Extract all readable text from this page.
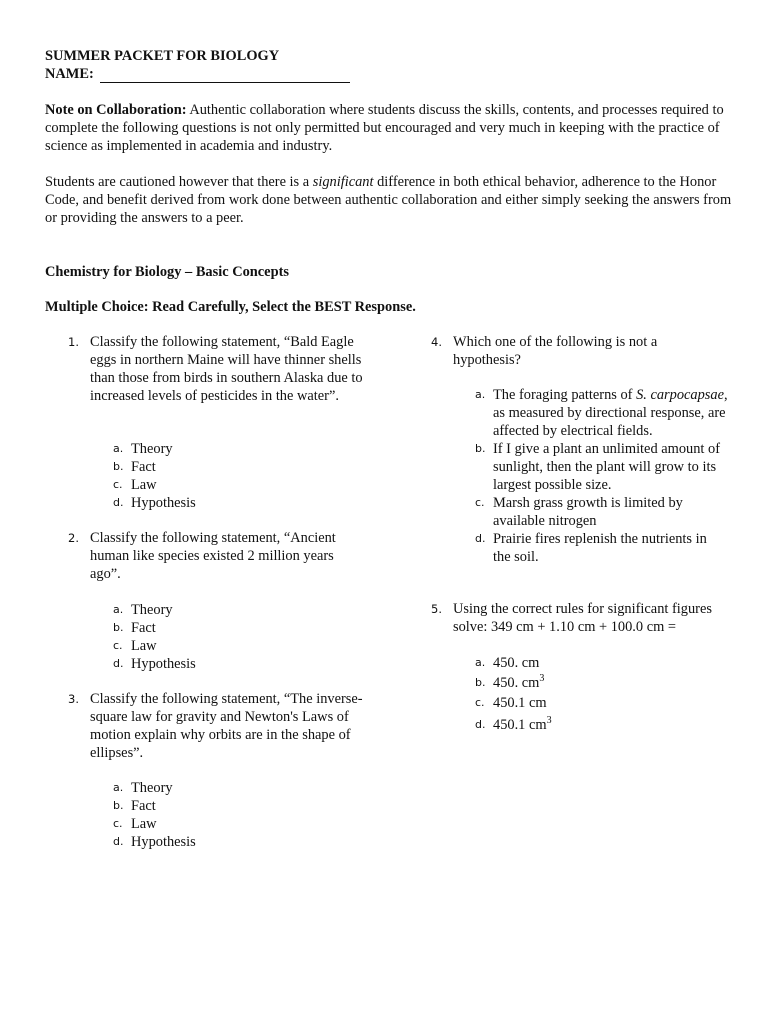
SUMMER PACKET FOR BIOLOGY
NAME:
Note on Collaboration: Authentic collaboration where students discuss the skills, contents, and processes required to complete the following questions is not only permitted but encouraged and very much in keeping with the practice of science as implemented in academia and industry.
Students are cautioned however that there is a significant difference in both ethical behavior, adherence to the Honor Code, and benefit derived from work done between authentic collaboration and either simply seeking the answers from or providing the answers to a peer.
Chemistry for Biology – Basic Concepts
Multiple Choice: Read Carefully, Select the BEST Response.
1. Classify the following statement, “Bald Eagle eggs in northern Maine will have thinner shells than those from birds in southern Alaska due to increased levels of pesticides in the water”.
a. Theory
b. Fact
c. Law
d. Hypothesis
2. Classify the following statement, “Ancient human like species existed 2 million years ago”.
a. Theory
b. Fact
c. Law
d. Hypothesis
3. Classify the following statement, “The inverse-square law for gravity and Newton's Laws of motion explain why orbits are in the shape of ellipses”.
a. Theory
b. Fact
c. Law
d. Hypothesis
4. Which one of the following is not a hypothesis?
a. The foraging patterns of S. carpocapsae, as measured by directional response, are affected by electrical fields.
b. If I give a plant an unlimited amount of sunlight, then the plant will grow to its largest possible size.
c. Marsh grass growth is limited by available nitrogen
d. Prairie fires replenish the nutrients in the soil.
5. Using the correct rules for significant figures solve: 349 cm + 1.10 cm + 100.0 cm =
a. 450. cm
b. 450. $cm^3$
c. 450.1 cm
d. 450.1 $cm^3$
